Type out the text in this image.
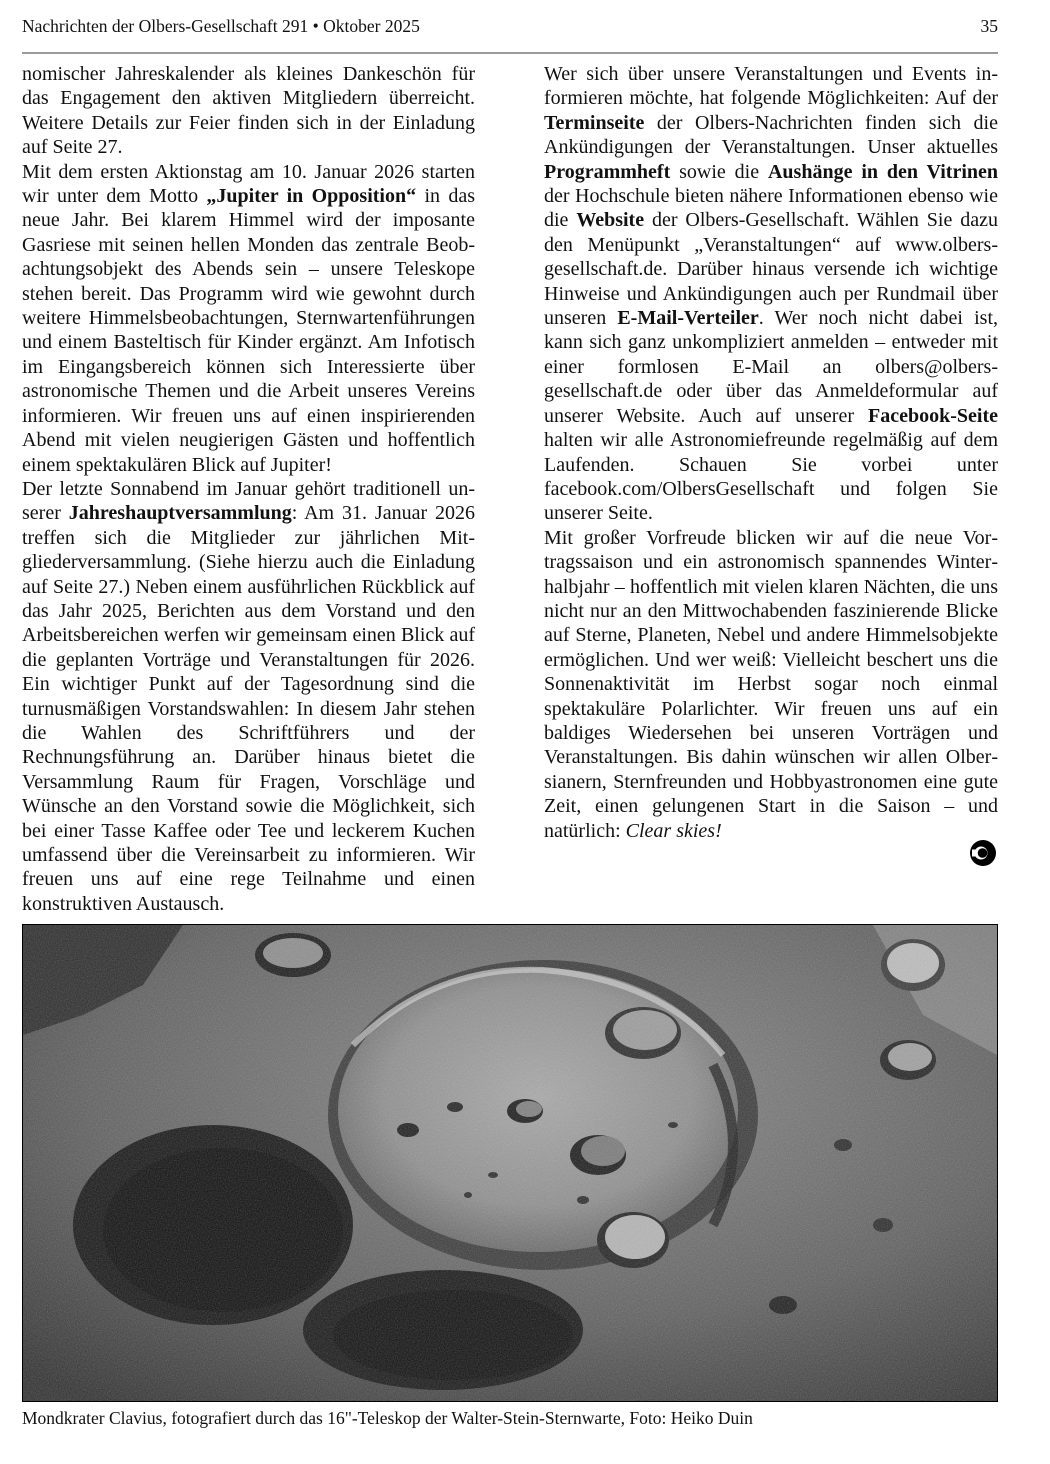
Nachrichten der Olbers-Gesellschaft 291 • Oktober 2025	35

nomischer Jahreskalender als kleines Dankeschön für das Engagement den aktiven Mitgliedern überreicht. Weitere Details zur Feier finden sich in der Einladung auf Seite 27.

Mit dem ersten Aktionstag am 10. Januar 2026 starten wir unter dem Motto „Jupiter in Opposition“ in das neue Jahr. Bei klarem Himmel wird der imposante Gasriese mit seinen hellen Monden das zentrale Beobachtungsobjekt des Abends sein – unsere Teleskope stehen bereit. Das Programm wird wie gewohnt durch weitere Himmelsbeobachtungen, Sternwartenführungen und einem Basteltisch für Kinder ergänzt. Am Infotisch im Eingangsbereich können sich Interessierte über astronomische Themen und die Arbeit unseres Vereins informieren. Wir freuen uns auf einen inspirierenden Abend mit vielen neugierigen Gästen und hoffentlich einem spektakulären Blick auf Jupiter!

Der letzte Sonnabend im Januar gehört traditionell unserer Jahreshauptversammlung: Am 31. Januar 2026 treffen sich die Mitglieder zur jährlichen Mitgliederversammlung. (Siehe hierzu auch die Einladung auf Seite 27.) Neben einem ausführlichen Rückblick auf das Jahr 2025, Berichten aus dem Vorstand und den Arbeitsbereichen werfen wir gemeinsam einen Blick auf die geplanten Vorträge und Veranstaltungen für 2026. Ein wichtiger Punkt auf der Tagesordnung sind die turnusmäßigen Vorstandswahlen: In diesem Jahr stehen die Wahlen des Schriftführers und der Rechnungsführung an. Darüber hinaus bietet die Versammlung Raum für Fragen, Vorschläge und Wünsche an den Vorstand sowie die Möglichkeit, sich bei einer Tasse Kaffee oder Tee und leckerem Kuchen umfassend über die Vereinsarbeit zu informieren. Wir freuen uns auf eine rege Teilnahme und einen konstruktiven Austausch.

Wer sich über unsere Veranstaltungen und Events informieren möchte, hat folgende Möglichkeiten: Auf der Terminseite der Olbers-Nachrichten finden sich die Ankündigungen der Veranstaltungen. Unser aktuelles Programmheft sowie die Aushänge in den Vitrinen der Hochschule bieten nähere Informationen ebenso wie die Website der Olbers-Gesellschaft. Wählen Sie dazu den Menüpunkt „Veranstaltungen“ auf www.olbers-gesellschaft.de. Darüber hinaus versende ich wichtige Hinweise und Ankündigungen auch per Rundmail über unseren E-Mail-Verteiler. Wer noch nicht dabei ist, kann sich ganz unkompliziert anmelden – entweder mit einer formlosen E-Mail an olbers@olbers-gesellschaft.de oder über das Anmeldeformular auf unserer Website. Auch auf unserer Facebook-Seite halten wir alle Astronomiefreunde regelmäßig auf dem Laufenden. Schauen Sie vorbei unter facebook.com/OlbersGesellschaft und folgen Sie unserer Seite.

Mit großer Vorfreude blicken wir auf die neue Vortragssaison und ein astronomisch spannendes Winterhalbjahr – hoffentlich mit vielen klaren Nächten, die uns nicht nur an den Mittwochabenden faszinierende Blicke auf Sterne, Planeten, Nebel und andere Himmelsobjekte ermöglichen. Und wer weiß: Vielleicht beschert uns die Sonnenaktivität im Herbst sogar noch einmal spektakuläre Polarlichter. Wir freuen uns auf ein baldiges Wiedersehen bei unseren Vorträgen und Veranstaltungen. Bis dahin wünschen wir allen Olbersianern, Sternfreunden und Hobbyastronomen eine gute Zeit, einen gelungenen Start in die Saison – und natürlich: Clear skies!

Mondkrater Clavius, fotografiert durch das 16"-Teleskop der Walter-Stein-Sternwarte, Foto: Heiko Duin
